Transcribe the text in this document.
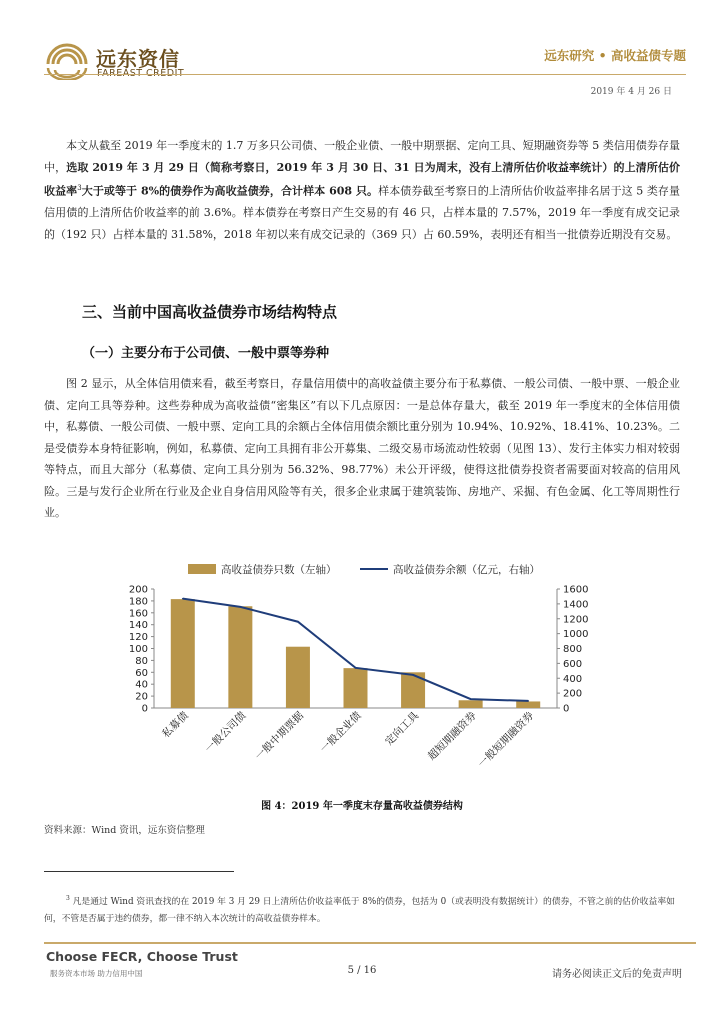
远东资信
FAREAST CREDIT
远东研究 • 高收益债专题
2019 年 4 月 26 日
本文从截至 2019 年一季度末的 1.7 万多只公司债、一般企业债、一般中期票据、定向工具、短期融资券等 5 类信用债券存量中，选取 2019 年 3 月 29 日（简称考察日，2019 年 3 月 30 日、31 日为周末，没有上清所估价收益率统计）的上清所估价收益率$^3$大于或等于 8%的债券作为高收益债券，合计样本 608 只。样本债券截至考察日的上清所估价收益率排名居于这 5 类存量信用债的上清所估价收益率的前 3.6%。样本债券在考察日产生交易的有 46 只，占样本量的 7.57%，2019 年一季度有成交记录的（192 只）占样本量的 31.58%，2018 年初以来有成交记录的（369 只）占 60.59%，表明还有相当一批债券近期没有交易。
三、当前中国高收益债券市场结构特点
（一）主要分布于公司债、一般中票等券种
图 2 显示，从全体信用债来看，截至考察日，存量信用债中的高收益债主要分布于私募债、一般公司债、一般中票、一般企业债、定向工具等券种。这些券种成为高收益债“密集区”有以下几点原因：一是总体存量大，截至 2019 年一季度末的全体信用债中，私募债、一般公司债、一般中票、定向工具的余额占全体信用债余额比重分别为 10.94%、10.92%、18.41%、10.23%。二是受债券本身特征影响，例如，私募债、定向工具拥有非公开募集、二级交易市场流动性较弱（见图 13）、发行主体实力相对较弱等特点，而且大部分（私募债、定向工具分别为 56.32%、98.77%）未公开评级，使得这批债券投资者需要面对较高的信用风险。三是与发行企业所在行业及企业自身信用风险等有关，很多企业隶属于建筑装饰、房地产、采掘、有色金属、化工等周期性行业。
高收益债券只数（左轴）	高收益债券余额（亿元，右轴）
0
20
40
60
80
100
120
140
160
180
200
0
200
400
600
800
1000
1200
1400
1600
私募债 一般公司债 一般中期票据 一般企业债 定向工具 超短期融资券
一般短期融资券
图 4：2019 年一季度末存量高收益债券结构
资料来源：Wind 资讯，远东资信整理
$^3$ 凡是通过 Wind 资讯查找的在 2019 年 3 月 29 日上清所估价收益率低于 8%的债券，包括为 0（或表明没有数据统计）的债券，不管之前的估价收益率如何，不管是否属于违约债券，都一律不纳入本次统计的高收益债券样本。
Choose FECR, Choose Trust
服务资本市场 助力信用中国	5 / 16	请务必阅读正文后的免责声明
